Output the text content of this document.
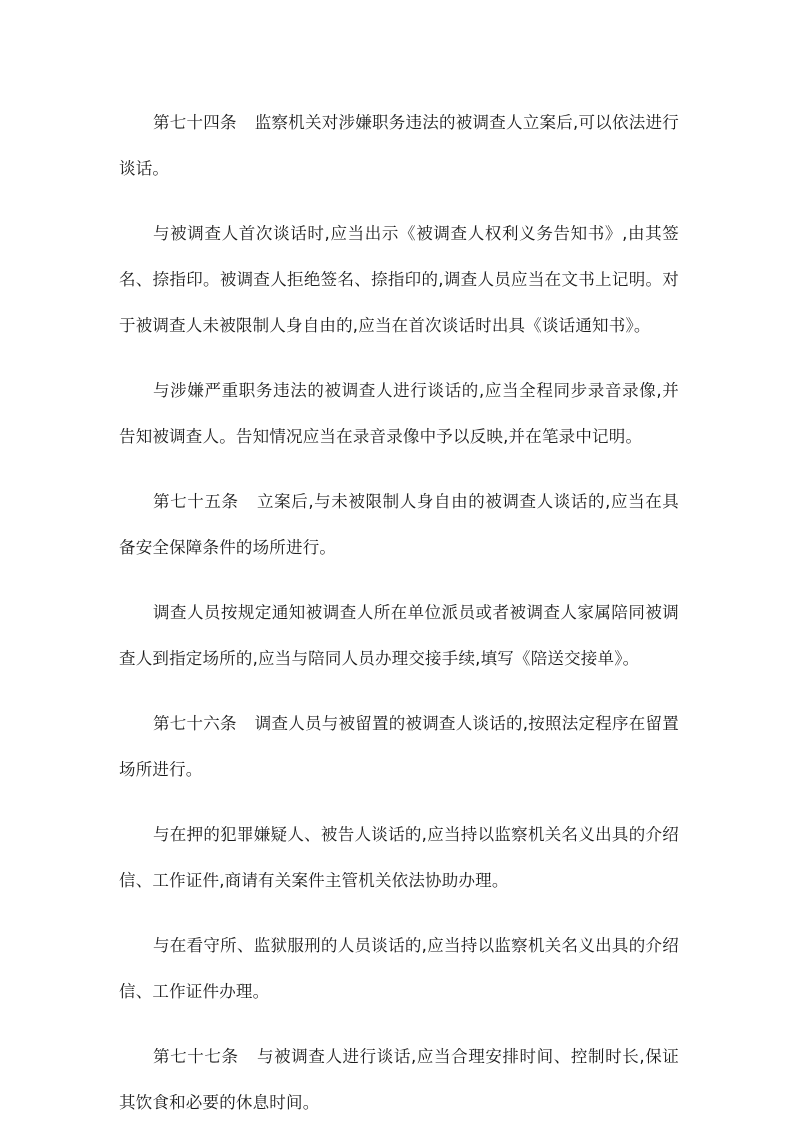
第七十四条 监察机关对涉嫌职务违法的被调查人立案后,可以依法进行谈话。

与被调查人首次谈话时,应当出示《被调查人权利义务告知书》,由其签名、捺指印。被调查人拒绝签名、捺指印的,调查人员应当在文书上记明。对于被调查人未被限制人身自由的,应当在首次谈话时出具《谈话通知书》。

与涉嫌严重职务违法的被调查人进行谈话的,应当全程同步录音录像,并告知被调查人。告知情况应当在录音录像中予以反映,并在笔录中记明。

第七十五条 立案后,与未被限制人身自由的被调查人谈话的,应当在具备安全保障条件的场所进行。

调查人员按规定通知被调查人所在单位派员或者被调查人家属陪同被调查人到指定场所的,应当与陪同人员办理交接手续,填写《陪送交接单》。

第七十六条 调查人员与被留置的被调查人谈话的,按照法定程序在留置场所进行。

与在押的犯罪嫌疑人、被告人谈话的,应当持以监察机关名义出具的介绍信、工作证件,商请有关案件主管机关依法协助办理。

与在看守所、监狱服刑的人员谈话的,应当持以监察机关名义出具的介绍信、工作证件办理。

第七十七条 与被调查人进行谈话,应当合理安排时间、控制时长,保证其饮食和必要的休息时间。
